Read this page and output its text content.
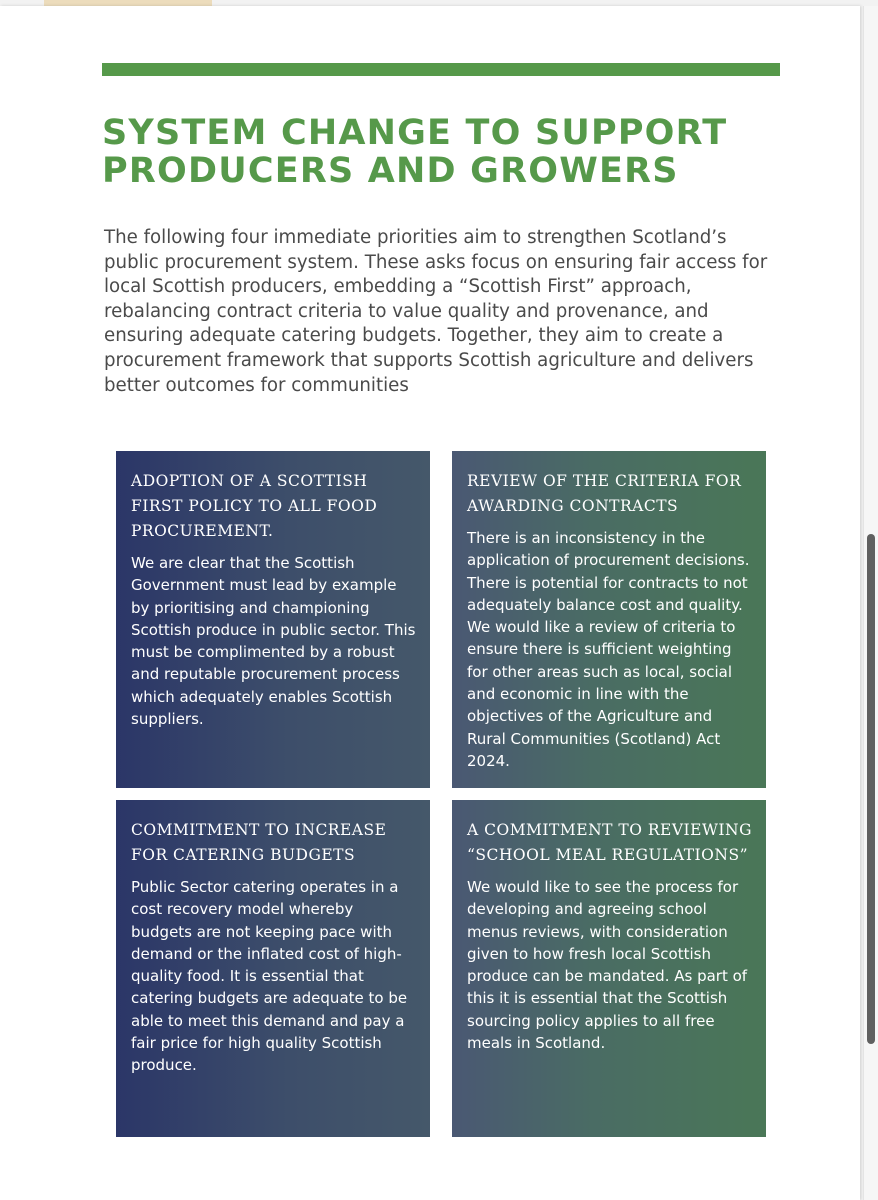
SYSTEM CHANGE TO SUPPORT
PRODUCERS AND GROWERS

The following four immediate priorities aim to strengthen Scotland’s public procurement system. These asks focus on ensuring fair access for local Scottish producers, embedding a “Scottish First” approach, rebalancing contract criteria to value quality and provenance, and ensuring adequate catering budgets. Together, they aim to create a procurement framework that supports Scottish agriculture and delivers better outcomes for communities

ADOPTION OF A SCOTTISH FIRST POLICY TO ALL FOOD PROCUREMENT.

We are clear that the Scottish Government must lead by example by prioritising and championing Scottish produce in public sector. This must be complimented by a robust and reputable procurement process which adequately enables Scottish suppliers.

REVIEW OF THE CRITERIA FOR AWARDING CONTRACTS

There is an inconsistency in the application of procurement decisions. There is potential for contracts to not adequately balance cost and quality. We would like a review of criteria to ensure there is sufficient weighting for other areas such as local, social and economic in line with the objectives of the Agriculture and Rural Communities (Scotland) Act 2024.

COMMITMENT TO INCREASE FOR CATERING BUDGETS

Public Sector catering operates in a cost recovery model whereby budgets are not keeping pace with demand or the inflated cost of high-quality food. It is essential that catering budgets are adequate to be able to meet this demand and pay a fair price for high quality Scottish produce.

A COMMITMENT TO REVIEWING “SCHOOL MEAL REGULATIONS”

We would like to see the process for developing and agreeing school menus reviews, with consideration given to how fresh local Scottish produce can be mandated. As part of this it is essential that the Scottish sourcing policy applies to all free meals in Scotland.
